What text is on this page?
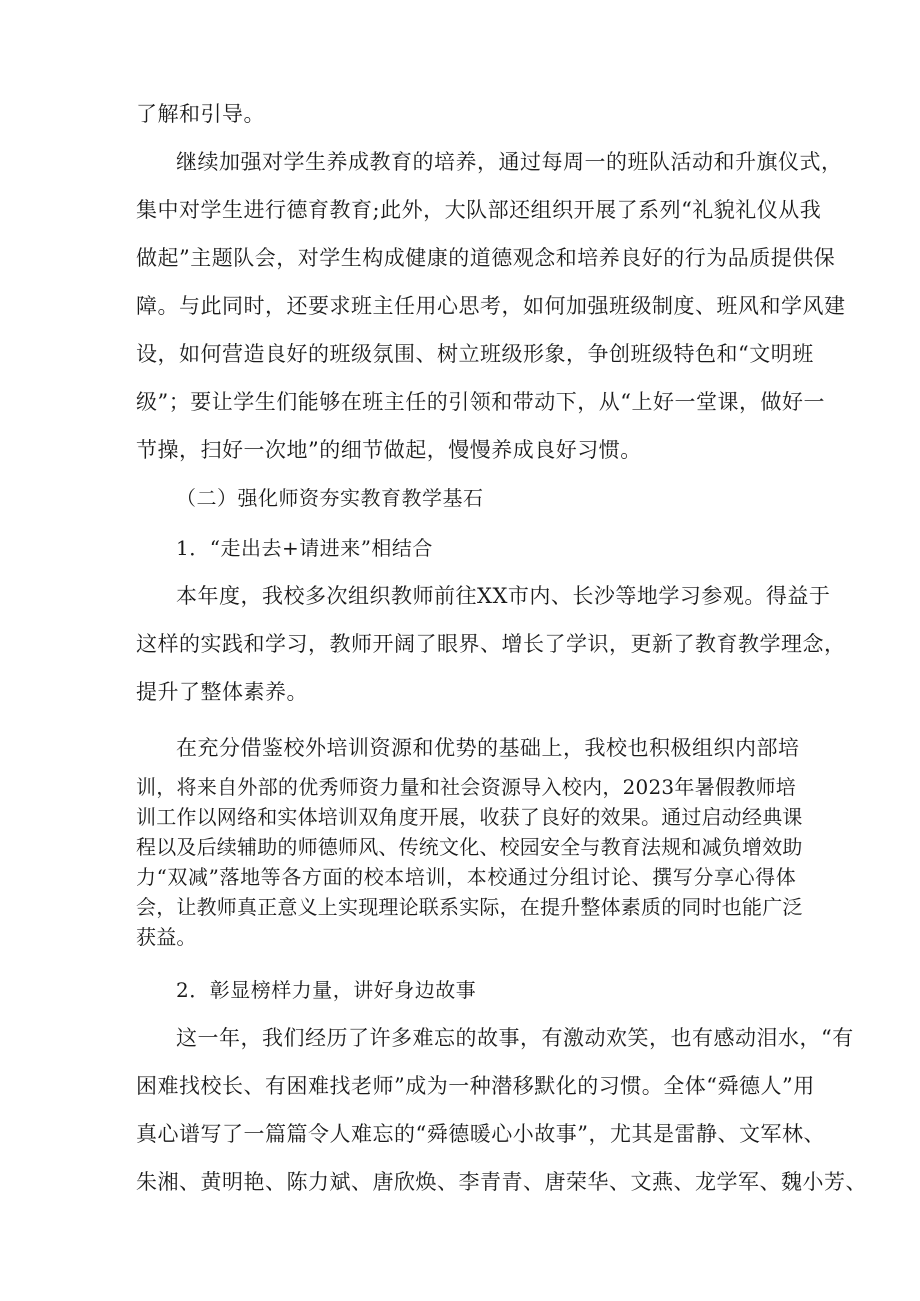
了解和引导。
继续加强对学生养成教育的培养，通过每周一的班队活动和升旗仪式，
集中对学生进行德育教育;此外，大队部还组织开展了系列“礼貌礼仪从我
做起”主题队会，对学生构成健康的道德观念和培养良好的行为品质提供保
障。与此同时，还要求班主任用心思考，如何加强班级制度、班风和学风建
设，如何营造良好的班级氛围、树立班级形象，争创班级特色和“文明班
级”；要让学生们能够在班主任的引领和带动下，从“上好一堂课，做好一
节操，扫好一次地”的细节做起，慢慢养成良好习惯。
（二）强化师资夯实教育教学基石
1．“走出去+请进来”相结合
本年度，我校多次组织教师前往XX市内、长沙等地学习参观。得益于
这样的实践和学习，教师开阔了眼界、增长了学识，更新了教育教学理念，
提升了整体素养。
在充分借鉴校外培训资源和优势的基础上，我校也积极组织内部培
训，将来自外部的优秀师资力量和社会资源导入校内，2023年暑假教师培
训工作以网络和实体培训双角度开展，收获了良好的效果。通过启动经典课
程以及后续辅助的师德师风、传统文化、校园安全与教育法规和减负增效助
力“双减”落地等各方面的校本培训，本校通过分组讨论、撰写分享心得体
会，让教师真正意义上实现理论联系实际，在提升整体素质的同时也能广泛
获益。
2．彰显榜样力量，讲好身边故事
这一年，我们经历了许多难忘的故事，有激动欢笑，也有感动泪水，“有
困难找校长、有困难找老师”成为一种潜移默化的习惯。全体“舜德人”用
真心谱写了一篇篇令人难忘的“舜德暖心小故事”，尤其是雷静、文军林、
朱湘、黄明艳、陈力斌、唐欣焕、李青青、唐荣华、文燕、龙学军、魏小芳、
